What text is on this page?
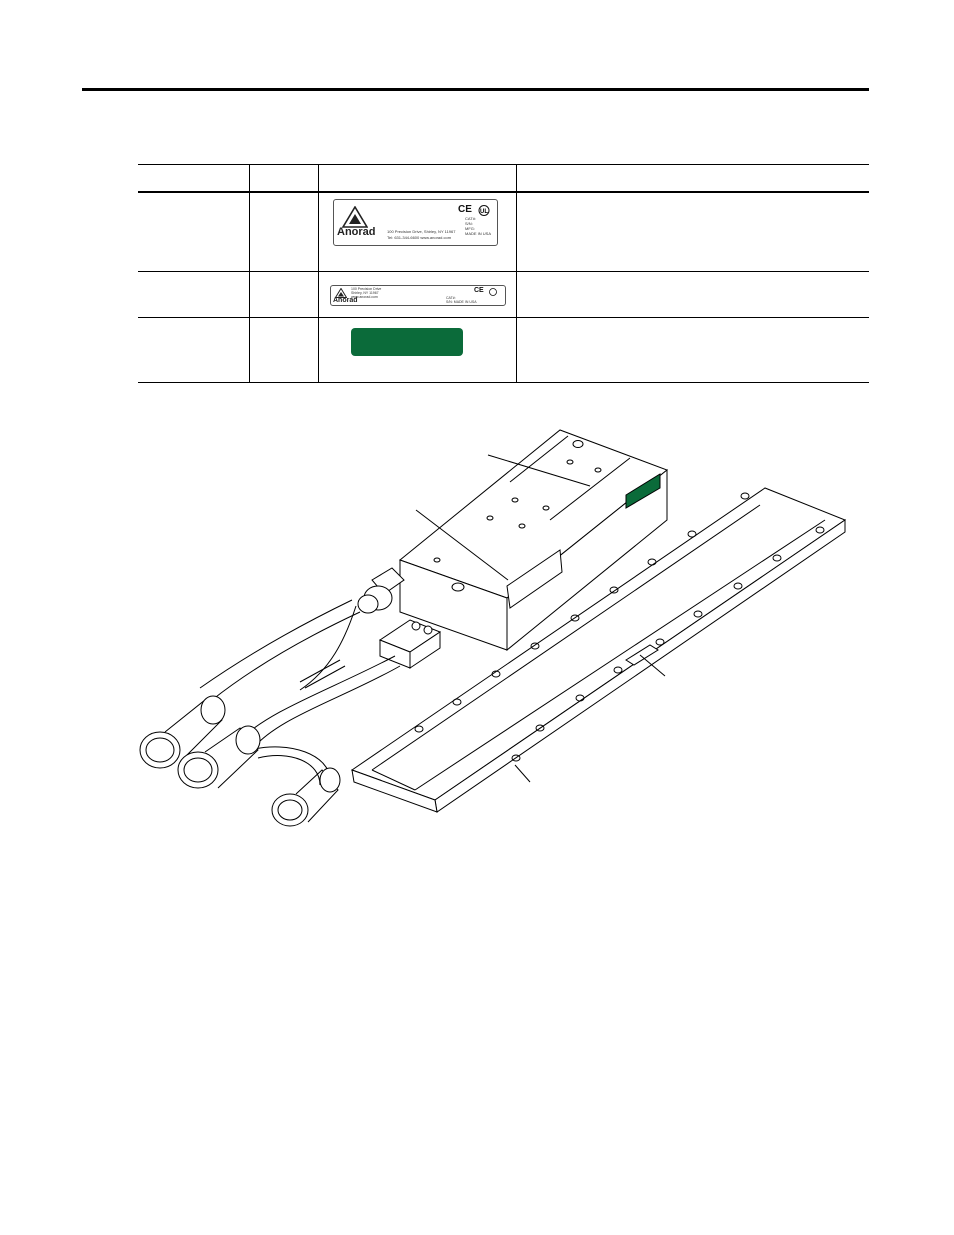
Anorad	100 Precision Drive, Shirley, NY 11967
Tel: 631-344-6600 www.anorad.com
CE UL
CAT#:
S/N:
MFG:
MADE IN USA
Anorad
100 Precision Drive
Shirley, NY 11967
www.anorad.com
CE
CAT#:
S/N: MADE IN USA
